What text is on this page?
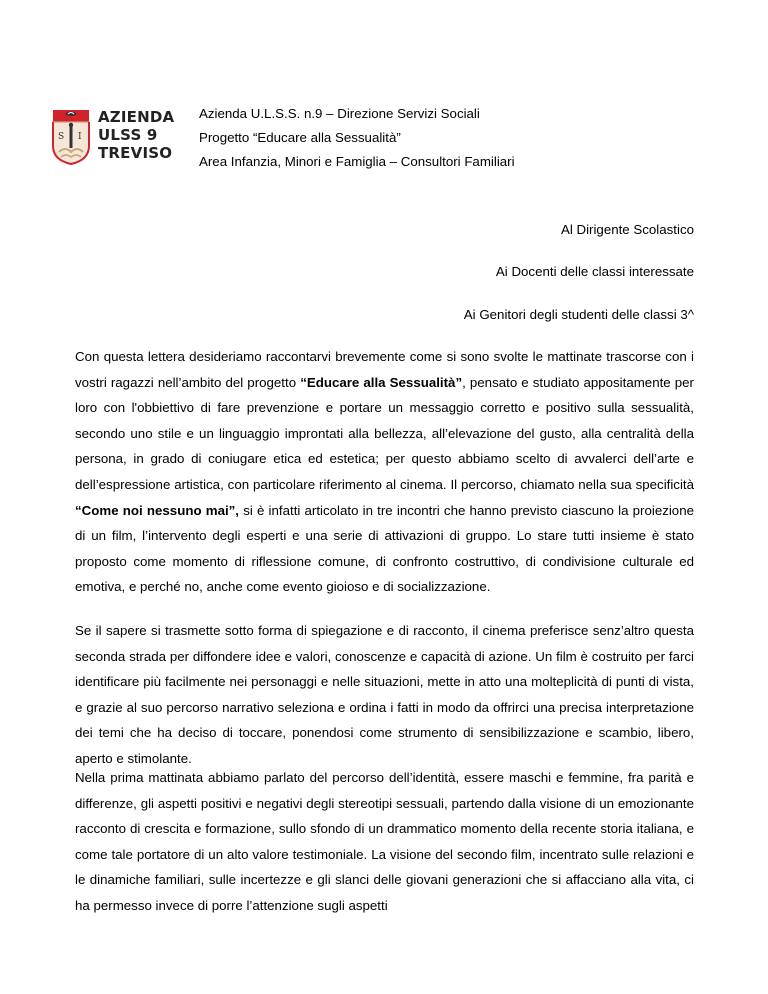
S I
AZIENDA
ULSS 9
TREVISO
Azienda U.L.S.S. n.9 – Direzione Servizi Sociali
Progetto “Educare alla Sessualità”
Area Infanzia, Minori e Famiglia – Consultori Familiari
Al Dirigente Scolastico
Ai Docenti delle classi interessate
Ai Genitori degli studenti delle classi 3^
Con questa lettera desideriamo raccontarvi brevemente come si sono svolte le mattinate trascorse con i vostri ragazzi nell’ambito del progetto “Educare alla Sessualità”, pensato e studiato appositamente per loro con l'obbiettivo di fare prevenzione e portare un messaggio corretto e positivo sulla sessualità, secondo uno stile e un linguaggio improntati alla bellezza, all’elevazione del gusto, alla centralità della persona, in grado di coniugare etica ed estetica; per questo abbiamo scelto di avvalerci dell’arte e dell’espressione artistica, con particolare riferimento al cinema. Il percorso, chiamato nella sua specificità “Come noi nessuno mai”, si è infatti articolato in tre incontri che hanno previsto ciascuno la proiezione di un film, l’intervento degli esperti e una serie di attivazioni di gruppo. Lo stare tutti insieme è stato proposto come momento di riflessione comune, di confronto costruttivo, di condivisione culturale ed emotiva, e perché no, anche come evento gioioso e di socializzazione.
Se il sapere si trasmette sotto forma di spiegazione e di racconto, il cinema preferisce senz’altro questa seconda strada per diffondere idee e valori, conoscenze e capacità di azione. Un film è costruito per farci identificare più facilmente nei personaggi e nelle situazioni, mette in atto una molteplicità di punti di vista, e grazie al suo percorso narrativo seleziona e ordina i fatti in modo da offrirci una precisa interpretazione dei temi che ha deciso di toccare, ponendosi come strumento di sensibilizzazione e scambio, libero, aperto e stimolante.
Nella prima mattinata abbiamo parlato del percorso dell’identità, essere maschi e femmine, fra parità e differenze, gli aspetti positivi e negativi degli stereotipi sessuali, partendo dalla visione di un emozionante racconto di crescita e formazione, sullo sfondo di un drammatico momento della recente storia italiana, e come tale portatore di un alto valore testimoniale. La visione del secondo film, incentrato sulle relazioni e le dinamiche familiari, sulle incertezze e gli slanci delle giovani generazioni che si affacciano alla vita, ci ha permesso invece di porre l’attenzione sugli aspetti
